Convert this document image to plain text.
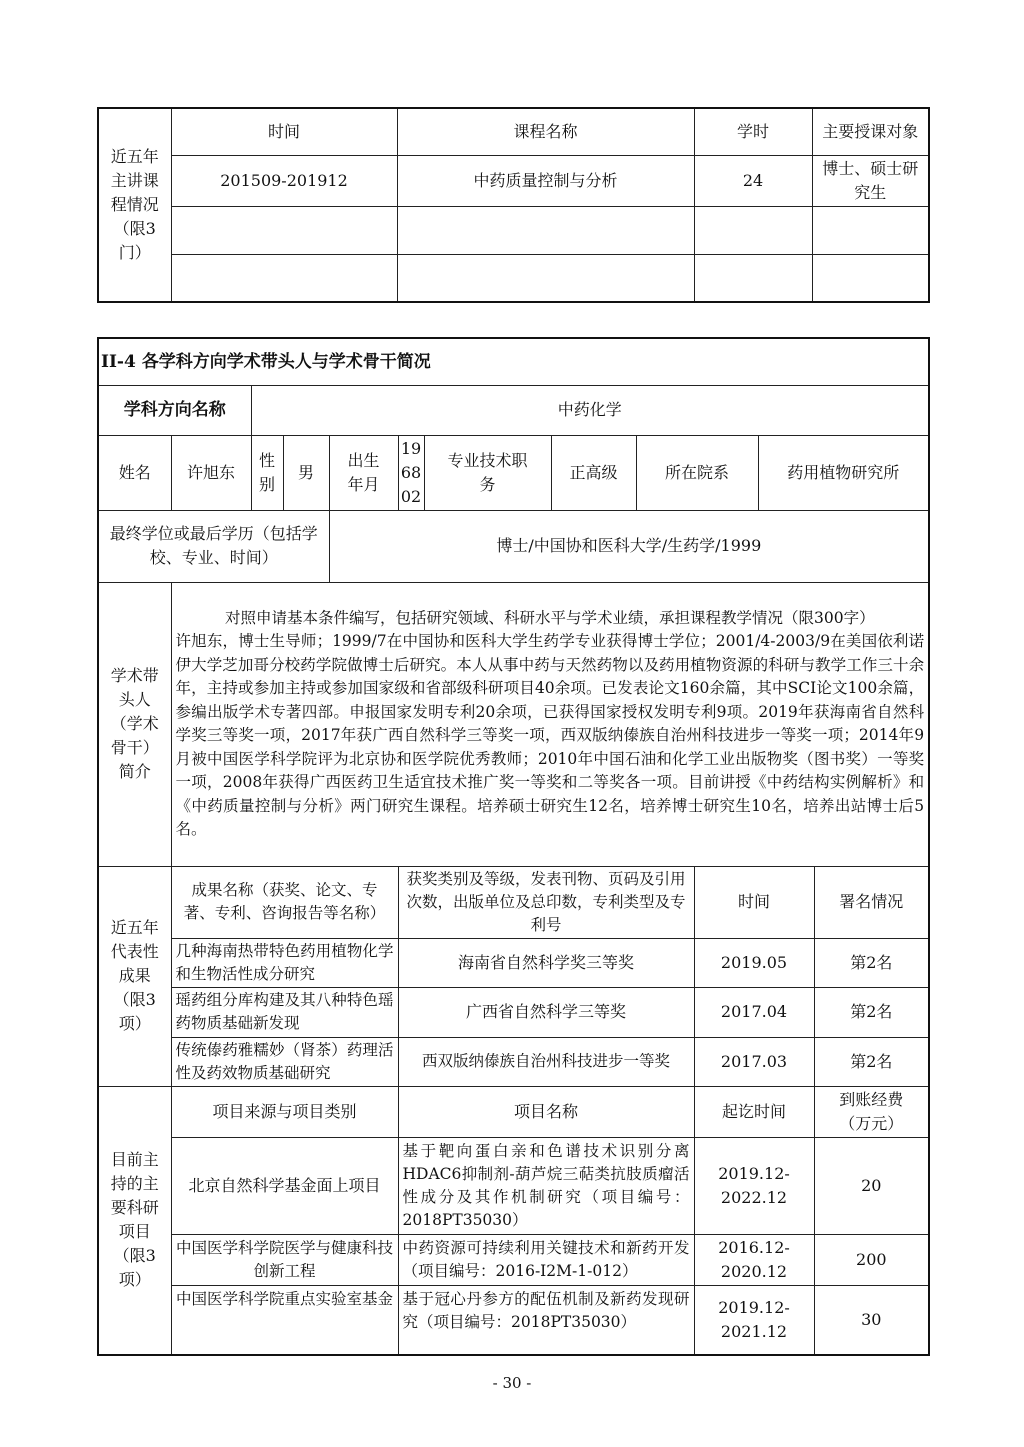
近五年主讲课程情况（限3门）	时间	课程名称	学时	主要授课对象
	201509-201912	中药质量控制与分析	24	博士、硕士研究生

II-4 各学科方向学术带头人与学术骨干简况											
学科方向名称		中药化学									
姓名	许旭东	性别	男	出生年月	196802	专业技术职 务	正高级	所在院系		药用植物研究所	
最终学位或最后学历（包括学校、专业、时间）				博士/中国协和医科大学/生药学/1999							
学术带头人（学术骨干）简介	对照申请基本条件编写，包括研究领域、科研水平与学术业绩，承担课程教学情况（限300字）
许旭东，博士生导师；1999/7在中国协和医科大学生药学专业获得博士学位；2001/4-2003/9在美国依利诺伊大学芝加哥分校药学院做博士后研究。本人从事中药与天然药物以及药用植物资源的科研与教学工作三十余年，主持或参加主持或参加国家级和省部级科研项目40余项。已发表论文160余篇，其中SCI论文100余篇，参编出版学术专著四部。申报国家发明专利20余项，已获得国家授权发明专利9项。2019年获海南省自然科学奖三等奖一项，2017年获广西自然科学三等奖一项，西双版纳傣族自治州科技进步一等奖一项；2014年9月被中国医学科学院评为北京协和医学院优秀教师；2010年中国石油和化学工业出版物奖（图书奖）一等奖一项，2008年获得广西医药卫生适宜技术推广奖一等奖和二等奖各一项。目前讲授《中药结构实例解析》和《中药质量控制与分析》两门研究生课程。培养硕士研究生12名，培养博士研究生10名，培养出站博士后5名。										

近五年代表性成果（限3项）	成果名称（获奖、论文、专著、专利、咨询报告等名称）				获奖类别及等级，发表刊物、页码及引用次数，出版单位及总印数，专利类型及专利号				时间		署名情况
	几种海南热带特色药用植物化学和生物活性成分研究				海南省自然科学奖三等奖				2019.05		第2名
	瑶药组分库构建及其八种特色瑶药物质基础新发现				广西省自然科学三等奖				2017.04		第2名
	传统傣药雅糯妙（肾茶）药理活性及药效物质基础研究				西双版纳傣族自治州科技进步一等奖				2017.03		第2名
目前主持的主要科研项目（限3项）	项目来源与项目类别				项目名称				起讫时间		到账经费（万元）
	北京自然科学基金面上项目				基于靶向蛋白亲和色谱技术识别分离HDAC6抑制剂-葫芦烷三萜类抗肢质瘤活性成分及其作机制研究（项目编号：2018PT35030）				2019.12-2022.12		20
	中国医学科学院医学与健康科技创新工程				中药资源可持续利用关键技术和新药开发（项目编号：2016-I2M-1-012）				2016.12-2020.12		200
	中国医学科学院重点实验室基金				基于冠心丹参方的配伍机制及新药发现研究（项目编号：2018PT35030）				2019.12-2021.12		30
- 30 -
